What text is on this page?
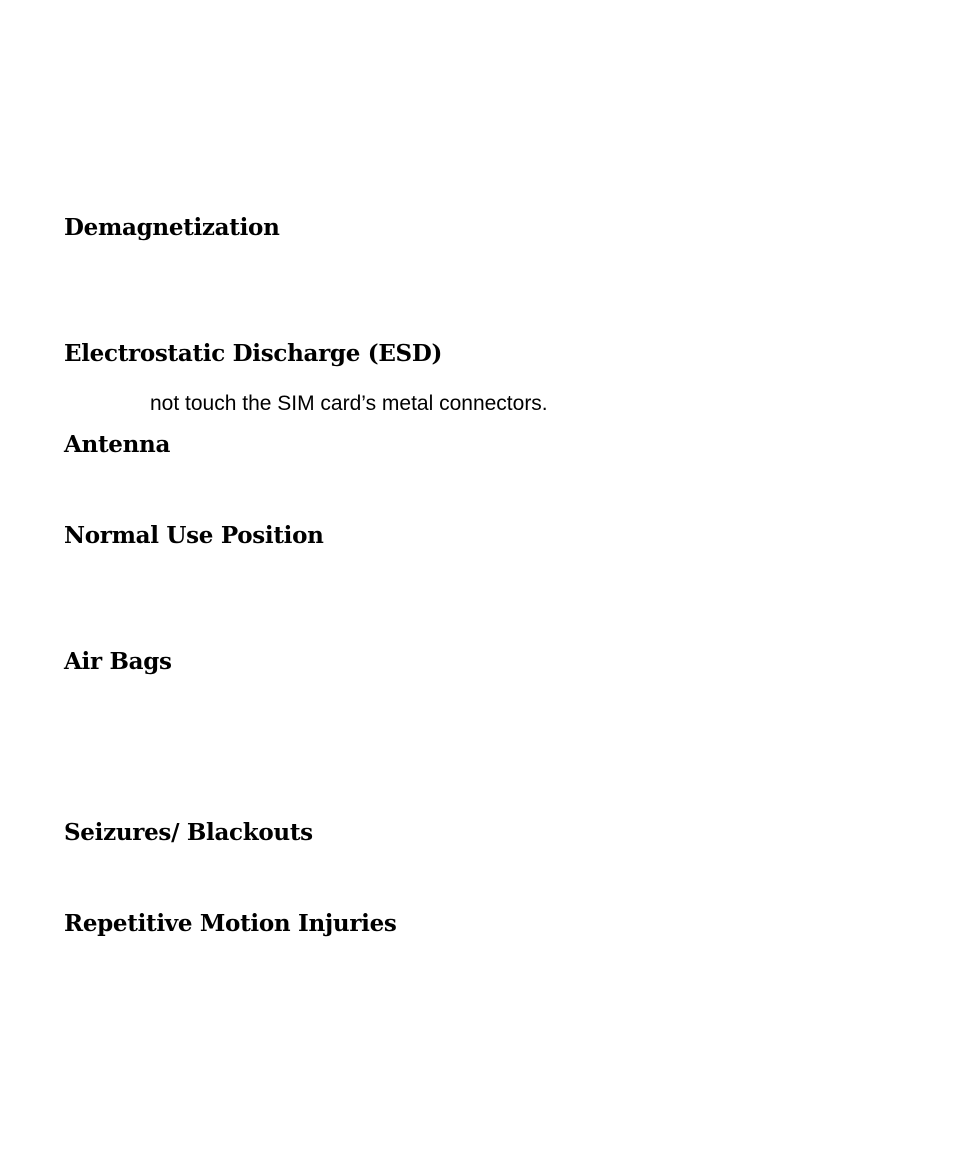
Demagnetization
Electrostatic Discharge (ESD)

not touch the SIM card’s metal connectors.

Antenna
Normal Use Position
Air Bags
Seizures/ Blackouts
Repetitive Motion Injuries
